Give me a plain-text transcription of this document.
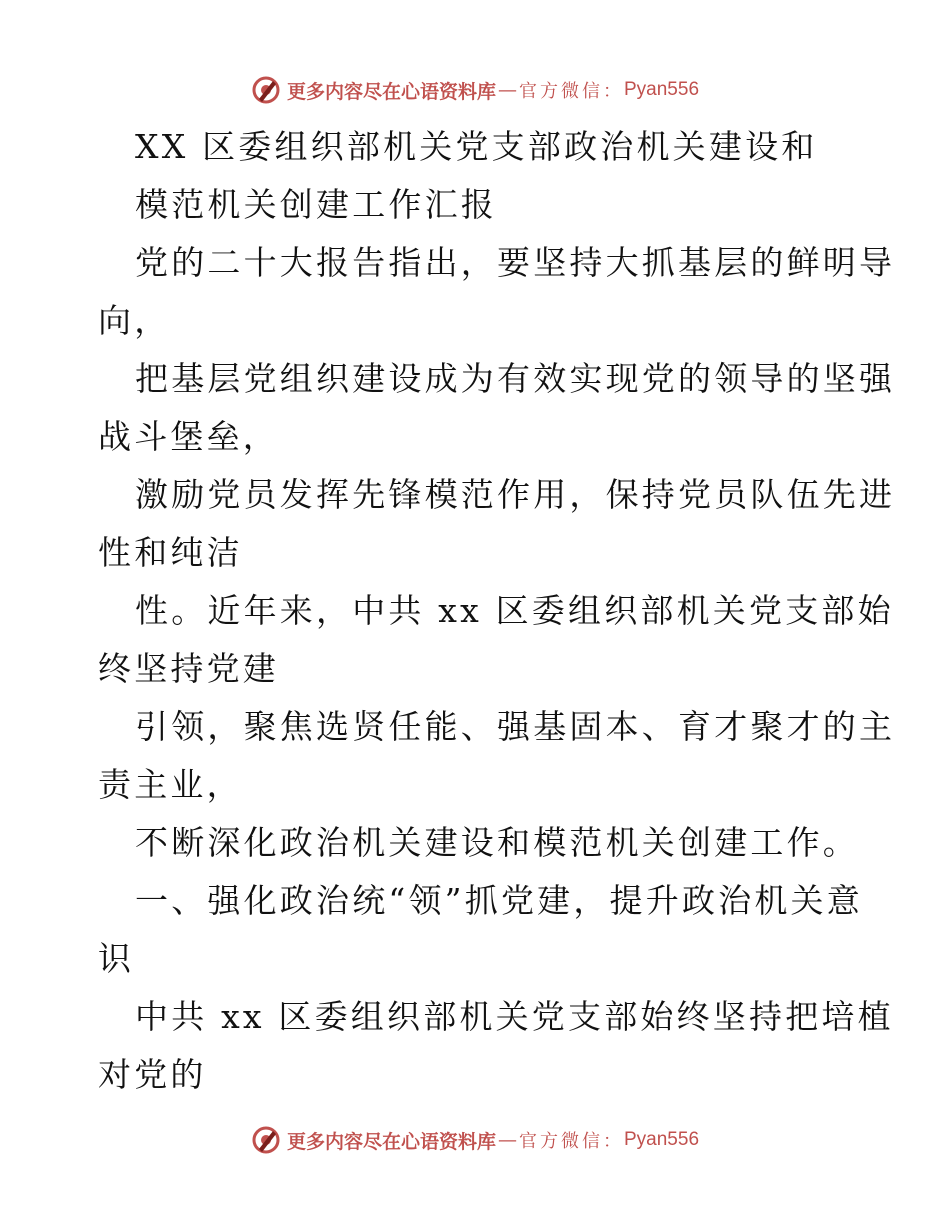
更多内容尽在心语资料库 — 官方微信： Pyan556
XX 区委组织部机关党支部政治机关建设和
模范机关创建工作汇报
党的二十大报告指出，要坚持大抓基层的鲜明导
向，
把基层党组织建设成为有效实现党的领导的坚强
战斗堡垒，
激励党员发挥先锋模范作用，保持党员队伍先进
性和纯洁
性。近年来，中共 xx 区委组织部机关党支部始
终坚持党建
引领，聚焦选贤任能、强基固本、育才聚才的主
责主业，
不断深化政治机关建设和模范机关创建工作。
一、强化政治统“领”抓党建，提升政治机关意
识
中共 xx 区委组织部机关党支部始终坚持把培植
对党的
更多内容尽在心语资料库 — 官方微信： Pyan556
